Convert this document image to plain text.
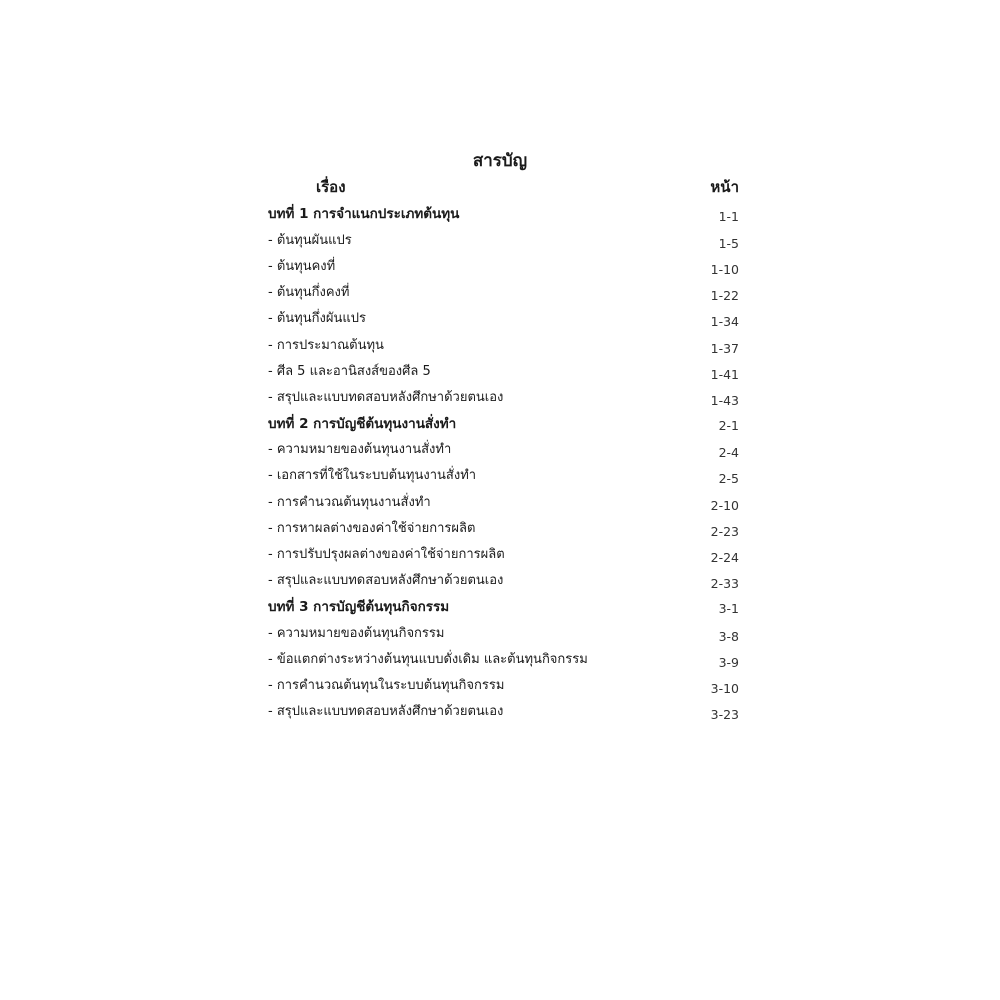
สารบัญ
เรื่อง	หน้า
บทที่ 1 การจำแนกประเภทต้นทุน	1-1
- ต้นทุนผันแปร	1-5
- ต้นทุนคงที่	1-10
- ต้นทุนกึ่งคงที่	1-22
- ต้นทุนกึ่งผันแปร	1-34
- การประมาณต้นทุน	1-37
- ศีล 5 และอานิสงส์ของศีล 5	1-41
- สรุปและแบบทดสอบหลังศึกษาด้วยตนเอง	1-43
บทที่ 2 การบัญชีต้นทุนงานสั่งทำ	2-1
- ความหมายของต้นทุนงานสั่งทำ	2-4
- เอกสารที่ใช้ในระบบต้นทุนงานสั่งทำ	2-5
- การคำนวณต้นทุนงานสั่งทำ	2-10
- การหาผลต่างของค่าใช้จ่ายการผลิต	2-23
- การปรับปรุงผลต่างของค่าใช้จ่ายการผลิต	2-24
- สรุปและแบบทดสอบหลังศึกษาด้วยตนเอง	2-33
บทที่ 3 การบัญชีต้นทุนกิจกรรม	3-1
- ความหมายของต้นทุนกิจกรรม	3-8
- ข้อแตกต่างระหว่างต้นทุนแบบดั่งเดิม และต้นทุนกิจกรรม	3-9
- การคำนวณต้นทุนในระบบต้นทุนกิจกรรม	3-10
- สรุปและแบบทดสอบหลังศึกษาด้วยตนเอง	3-23
